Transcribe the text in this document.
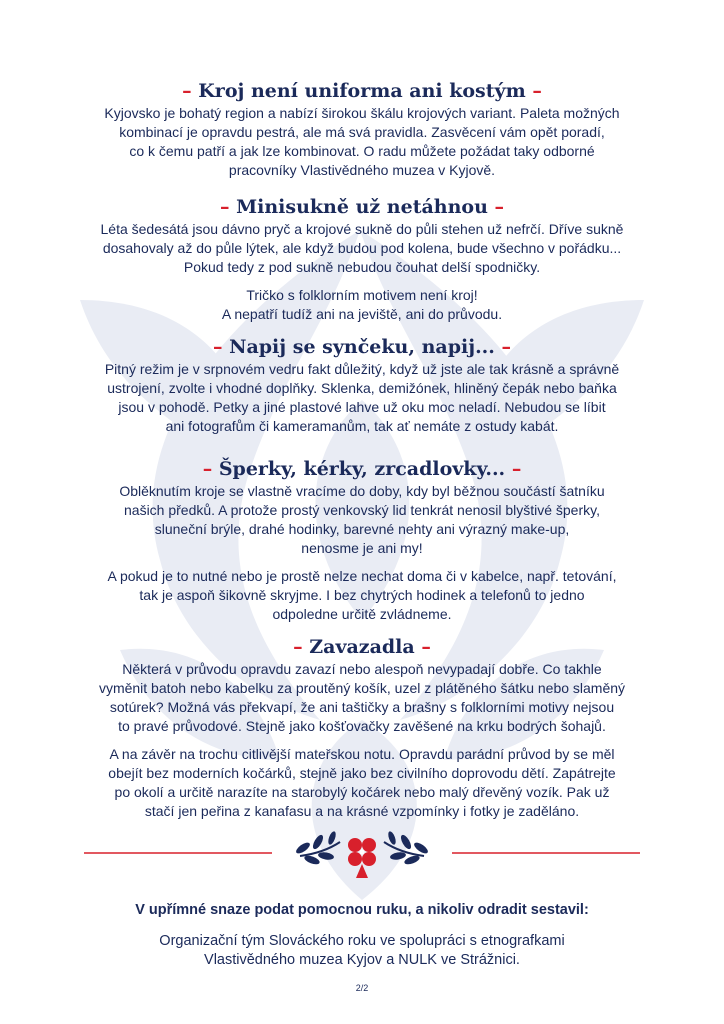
– Kroj není uniforma ani kostým –

Kyjovsko je bohatý region a nabízí širokou škálu krojových variant. Paleta možných
kombinací je opravdu pestrá, ale má svá pravidla. Zasvěcení vám opět poradí,
co k čemu patří a jak lze kombinovat. O radu můžete požádat taky odborné
pracovníky Vlastivědného muzea v Kyjově.

– Minisukně už netáhnou –

Léta šedesátá jsou dávno pryč a krojové sukně do půli stehen už nefrčí. Dříve sukně
dosahovaly až do půle lýtek, ale když budou pod kolena, bude všechno v pořádku...
Pokud tedy z pod sukně nebudou čouhat delší spodničky.

Tričko s folklorním motivem není kroj!
A nepatří tudíž ani na jeviště, ani do průvodu.

– Napij se synčeku, napij... –

Pitný režim je v srpnovém vedru fakt důležitý, když už jste ale tak krásně a správně
ustrojení, zvolte i vhodné doplňky. Sklenka, demižónek, hliněný čepák nebo baňka
jsou v pohodě. Petky a jiné plastové lahve už oku moc neladí. Nebudou se líbit
ani fotografům či kameramanům, tak ať nemáte z ostudy kabát.

– Šperky, kérky, zrcadlovky... –

Oblěknutím kroje se vlastně vracíme do doby, kdy byl běžnou součástí šatníku
našich předků. A protože prostý venkovský lid tenkrát nenosil blyštivé šperky,
sluneční brýle, drahé hodinky, barevné nehty ani výrazný make-up,
nenosme je ani my!

A pokud je to nutné nebo je prostě nelze nechat doma či v kabelce, např. tetování,
tak je aspoň šikovně skryjme. I bez chytrých hodinek a telefonů to jedno
odpoledne určitě zvládneme.

– Zavazadla –

Některá v průvodu opravdu zavazí nebo alespoň nevypadají dobře. Co takhle
vyměnit batoh nebo kabelku za proutěný košík, uzel z plátěného šátku nebo slaměný
sotúrek? Možná vás překvapí, že ani taštičky a brašny s folklorními motivy nejsou
to pravé průvodové. Stejně jako košťovačky zavěšené na krku bodrých šohajů.

A na závěr na trochu citlivější mateřskou notu. Opravdu parádní průvod by se měl
obejít bez moderních kočárků, stejně jako bez civilního doprovodu dětí. Zapátrejte
po okolí a určitě narazíte na starobylý kočárek nebo malý dřevěný vozík. Pak už
stačí jen peřina z kanafasu a na krásné vzpomínky i fotky je zaděláno.

V upřímné snaze podat pomocnou ruku, a nikoliv odradit sestavil:

Organizační tým Slováckého roku ve spolupráci s etnografkami
Vlastivědného muzea Kyjov a NULK ve Strážnici.

2/2
